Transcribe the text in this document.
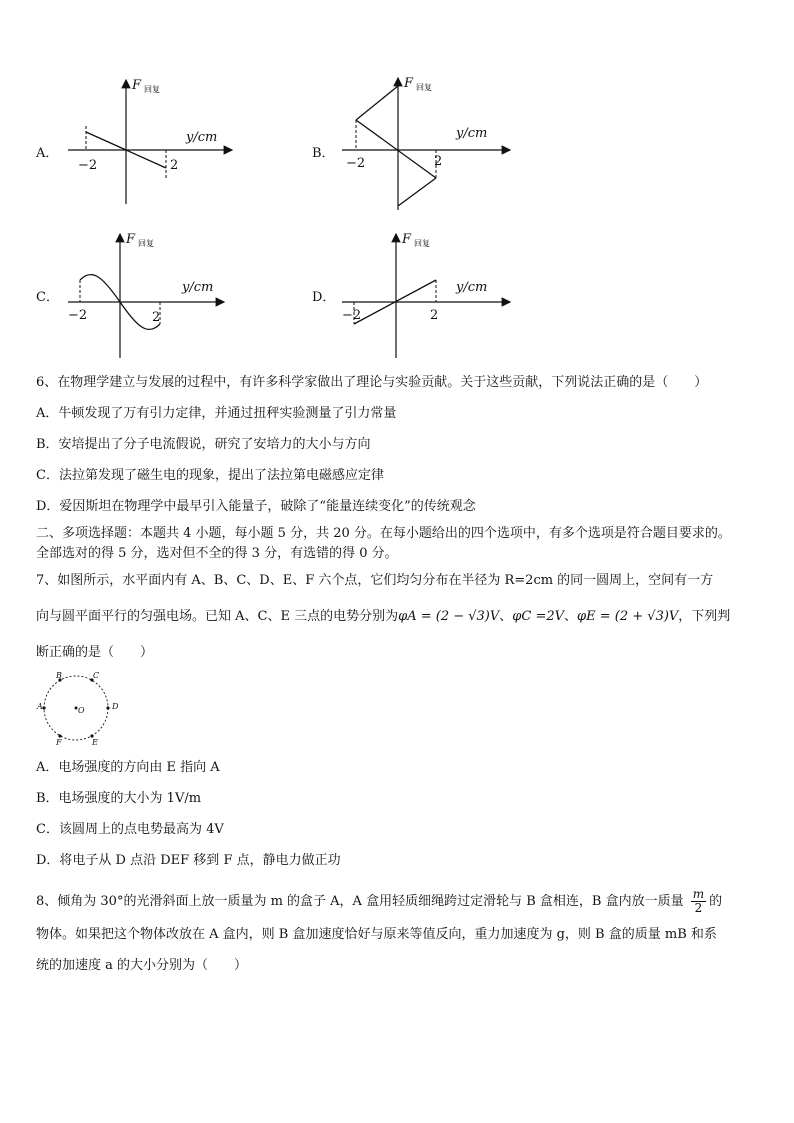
A．
F 回复
y/cm
−2	2
B．
F 回复
y/cm
−2	2
C．
F 回复
y/cm
−2	2
D．
F 回复
y/cm
−2	2
6、在物理学建立与发展的过程中，有许多科学家做出了理论与实验贡献。关于这些贡献，下列说法正确的是（　　）
A．牛顿发现了万有引力定律，并通过扭秤实验测量了引力常量
B．安培提出了分子电流假说，研究了安培力的大小与方向
C．法拉第发现了磁生电的现象，提出了法拉第电磁感应定律
D．爱因斯坦在物理学中最早引入能量子，破除了“能量连续变化”的传统观念
二、多项选择题：本题共 4 小题，每小题 5 分，共 20 分。在每小题给出的四个选项中，有多个选项是符合题目要求的。
全部选对的得 5 分，选对但不全的得 3 分，有选错的得 0 分。
7、如图所示，水平面内有 A、B、C、D、E、F 六个点，它们均匀分布在半径为 R=2cm 的同一圆周上，空间有一方
向与圆平面平行的匀强电场。已知 A、C、E 三点的电势分别为φA = (2 − √3)V、φC =2V、φE = (2 + √3)V，下列判
断正确的是（　　）
A
B	C
D
E
F
O
A．电场强度的方向由 E 指向 A
B．电场强度的大小为 1V/m
C．该圆周上的点电势最高为 4V
D．将电子从 D 点沿 DEF 移到 F 点，静电力做正功
8、倾角为 30°的光滑斜面上放一质量为 m 的盒子 A，A 盒用轻质细绳跨过定滑轮与 B 盒相连，B 盒内放一质量 $\frac{m}{2}$ 的
物体。如果把这个物体改放在 A 盒内，则 B 盒加速度恰好与原来等值反向，重力加速度为 g，则 B 盒的质量 mB 和系
统的加速度 a 的大小分别为（　　）
